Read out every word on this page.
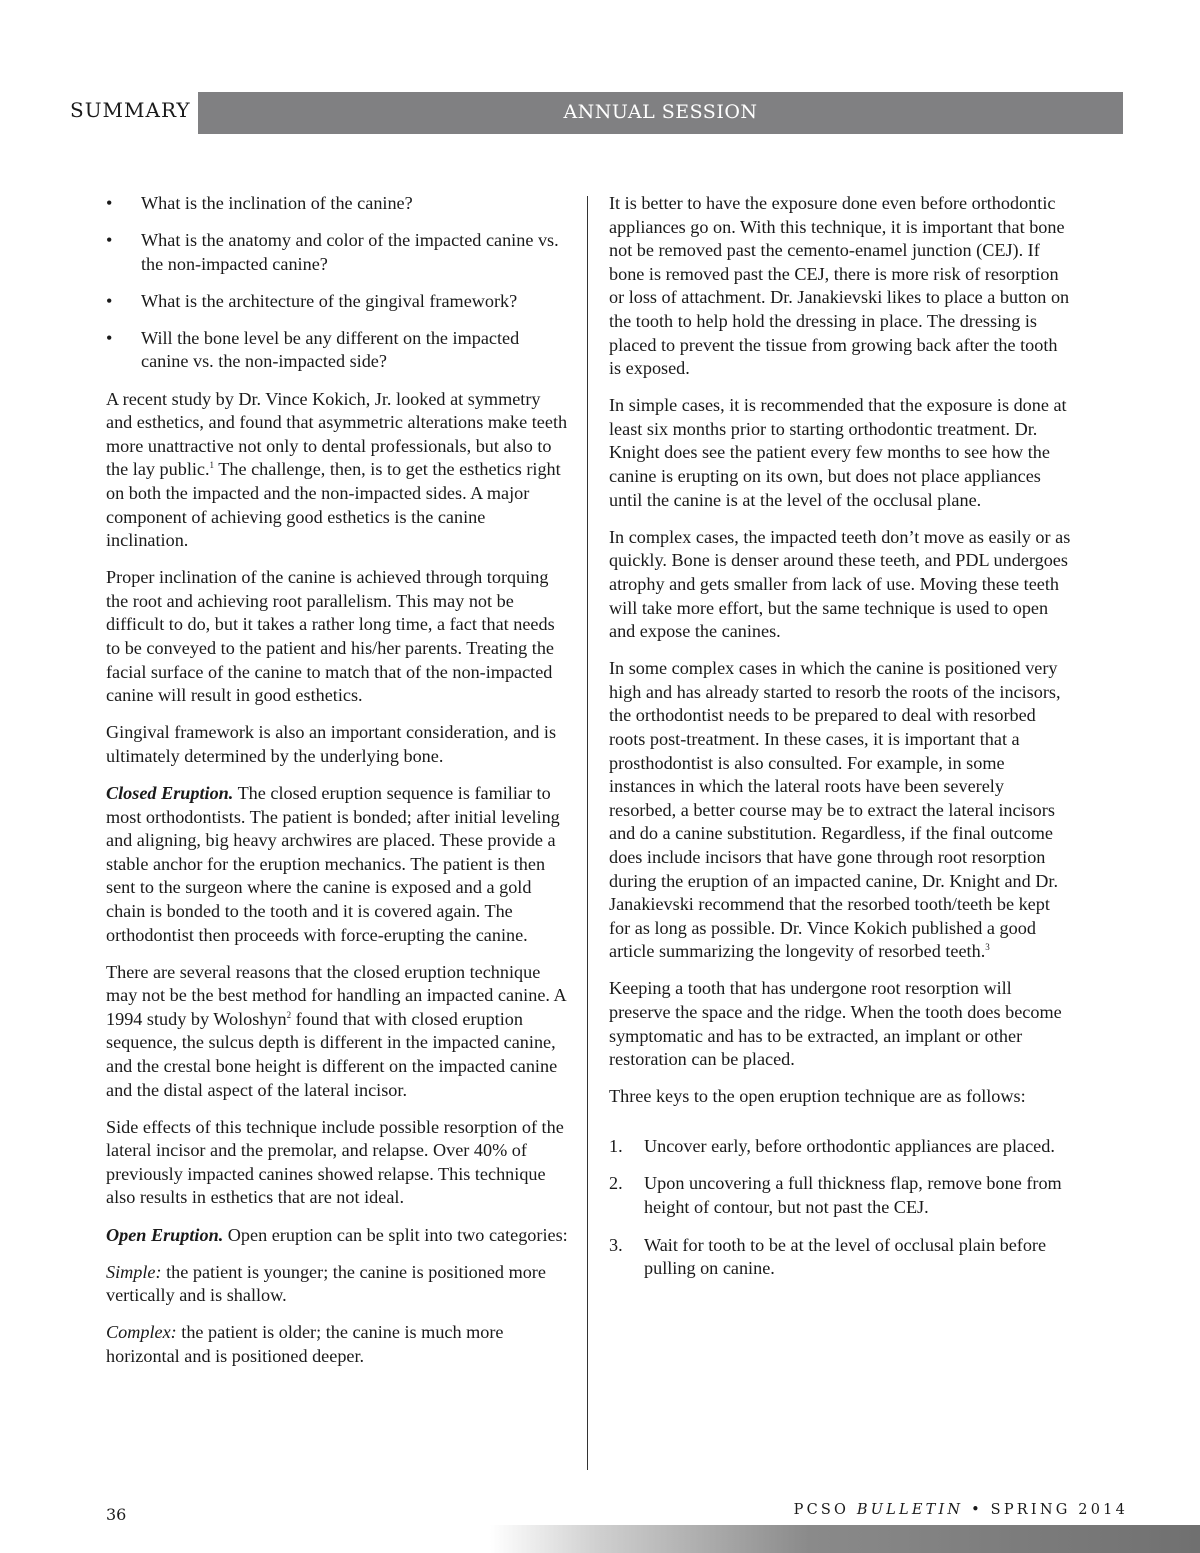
SUMMARY	ANNUAL SESSION
• What is the inclination of the canine?
• What is the anatomy and color of the impacted canine vs. the non-impacted canine?
• What is the architecture of the gingival framework?
• Will the bone level be any different on the impacted canine vs. the non-impacted side?

A recent study by Dr. Vince Kokich, Jr. looked at symmetry and esthetics, and found that asymmetric alterations make teeth more unattractive not only to dental professionals, but also to the lay public.$^1$ The challenge, then, is to get the esthetics right on both the impacted and the non-impacted sides. A major component of achieving good esthetics is the canine inclination.

Proper inclination of the canine is achieved through torquing the root and achieving root parallelism. This may not be difficult to do, but it takes a rather long time, a fact that needs to be conveyed to the patient and his/her parents. Treating the facial surface of the canine to match that of the non-impacted canine will result in good esthetics.

Gingival framework is also an important consideration, and is ultimately determined by the underlying bone.

Closed Eruption. The closed eruption sequence is familiar to most orthodontists. The patient is bonded; after initial leveling and aligning, big heavy archwires are placed. These provide a stable anchor for the eruption mechanics. The patient is then sent to the surgeon where the canine is exposed and a gold chain is bonded to the tooth and it is covered again. The orthodontist then proceeds with force-erupting the canine.

There are several reasons that the closed eruption technique may not be the best method for handling an impacted canine. A 1994 study by Woloshyn$^2$ found that with closed eruption sequence, the sulcus depth is different in the impacted canine, and the crestal bone height is different on the impacted canine and the distal aspect of the lateral incisor.

Side effects of this technique include possible resorption of the lateral incisor and the premolar, and relapse. Over 40% of previously impacted canines showed relapse. This technique also results in esthetics that are not ideal.

Open Eruption. Open eruption can be split into two categories:

Simple: the patient is younger; the canine is positioned more vertically and is shallow.

Complex: the patient is older; the canine is much more horizontal and is positioned deeper.

It is better to have the exposure done even before orthodontic appliances go on. With this technique, it is important that bone not be removed past the cemento-enamel junction (CEJ). If bone is removed past the CEJ, there is more risk of resorption or loss of attachment. Dr. Janakievski likes to place a button on the tooth to help hold the dressing in place. The dressing is placed to prevent the tissue from growing back after the tooth is exposed.

In simple cases, it is recommended that the exposure is done at least six months prior to starting orthodontic treatment. Dr. Knight does see the patient every few months to see how the canine is erupting on its own, but does not place appliances until the canine is at the level of the occlusal plane.

In complex cases, the impacted teeth don’t move as easily or as quickly. Bone is denser around these teeth, and PDL undergoes atrophy and gets smaller from lack of use. Moving these teeth will take more effort, but the same technique is used to open and expose the canines.

In some complex cases in which the canine is positioned very high and has already started to resorb the roots of the incisors, the orthodontist needs to be prepared to deal with resorbed roots post-treatment. In these cases, it is important that a prosthodontist is also consulted. For example, in some instances in which the lateral roots have been severely resorbed, a better course may be to extract the lateral incisors and do a canine substitution. Regardless, if the final outcome does include incisors that have gone through root resorption during the eruption of an impacted canine, Dr. Knight and Dr. Janakievski recommend that the resorbed tooth/teeth be kept for as long as possible. Dr. Vince Kokich published a good article summarizing the longevity of resorbed teeth.$^3$

Keeping a tooth that has undergone root resorption will preserve the space and the ridge. When the tooth does become symptomatic and has to be extracted, an implant or other restoration can be placed.

Three keys to the open eruption technique are as follows:

1. Uncover early, before orthodontic appliances are placed.
2. Upon uncovering a full thickness flap, remove bone from height of contour, but not past the CEJ.
3. Wait for tooth to be at the level of occlusal plain before pulling on canine.
36	PCSO BULLETIN • SPRING 2014
